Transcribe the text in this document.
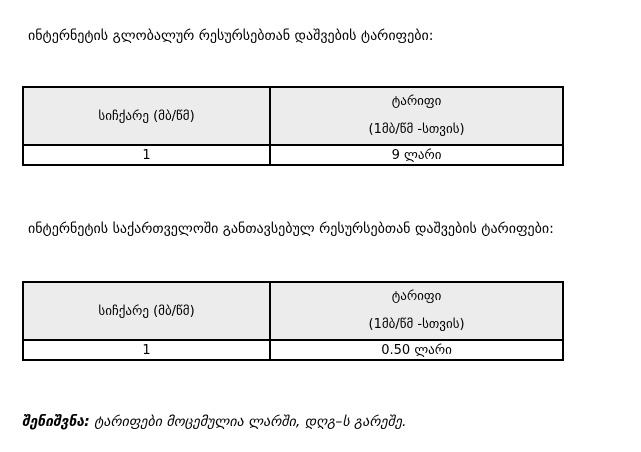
ინტერნეტის გლობალურ რესურსებთან დაშვების ტარიფები:
სიჩქარე (მბ/წმ)	ტარიფი
(1მბ/წმ -სთვის)

1	9 ლარი
ინტერნეტის საქართველოში განთავსებულ რესურსებთან დაშვების ტარიფები:
სიჩქარე (მბ/წმ)	ტარიფი
(1მბ/წმ -სთვის)

1	0.50 ლარი
შენიშვნა: ტარიფები მოცემულია ლარში, დღგ–ს გარეშე.
